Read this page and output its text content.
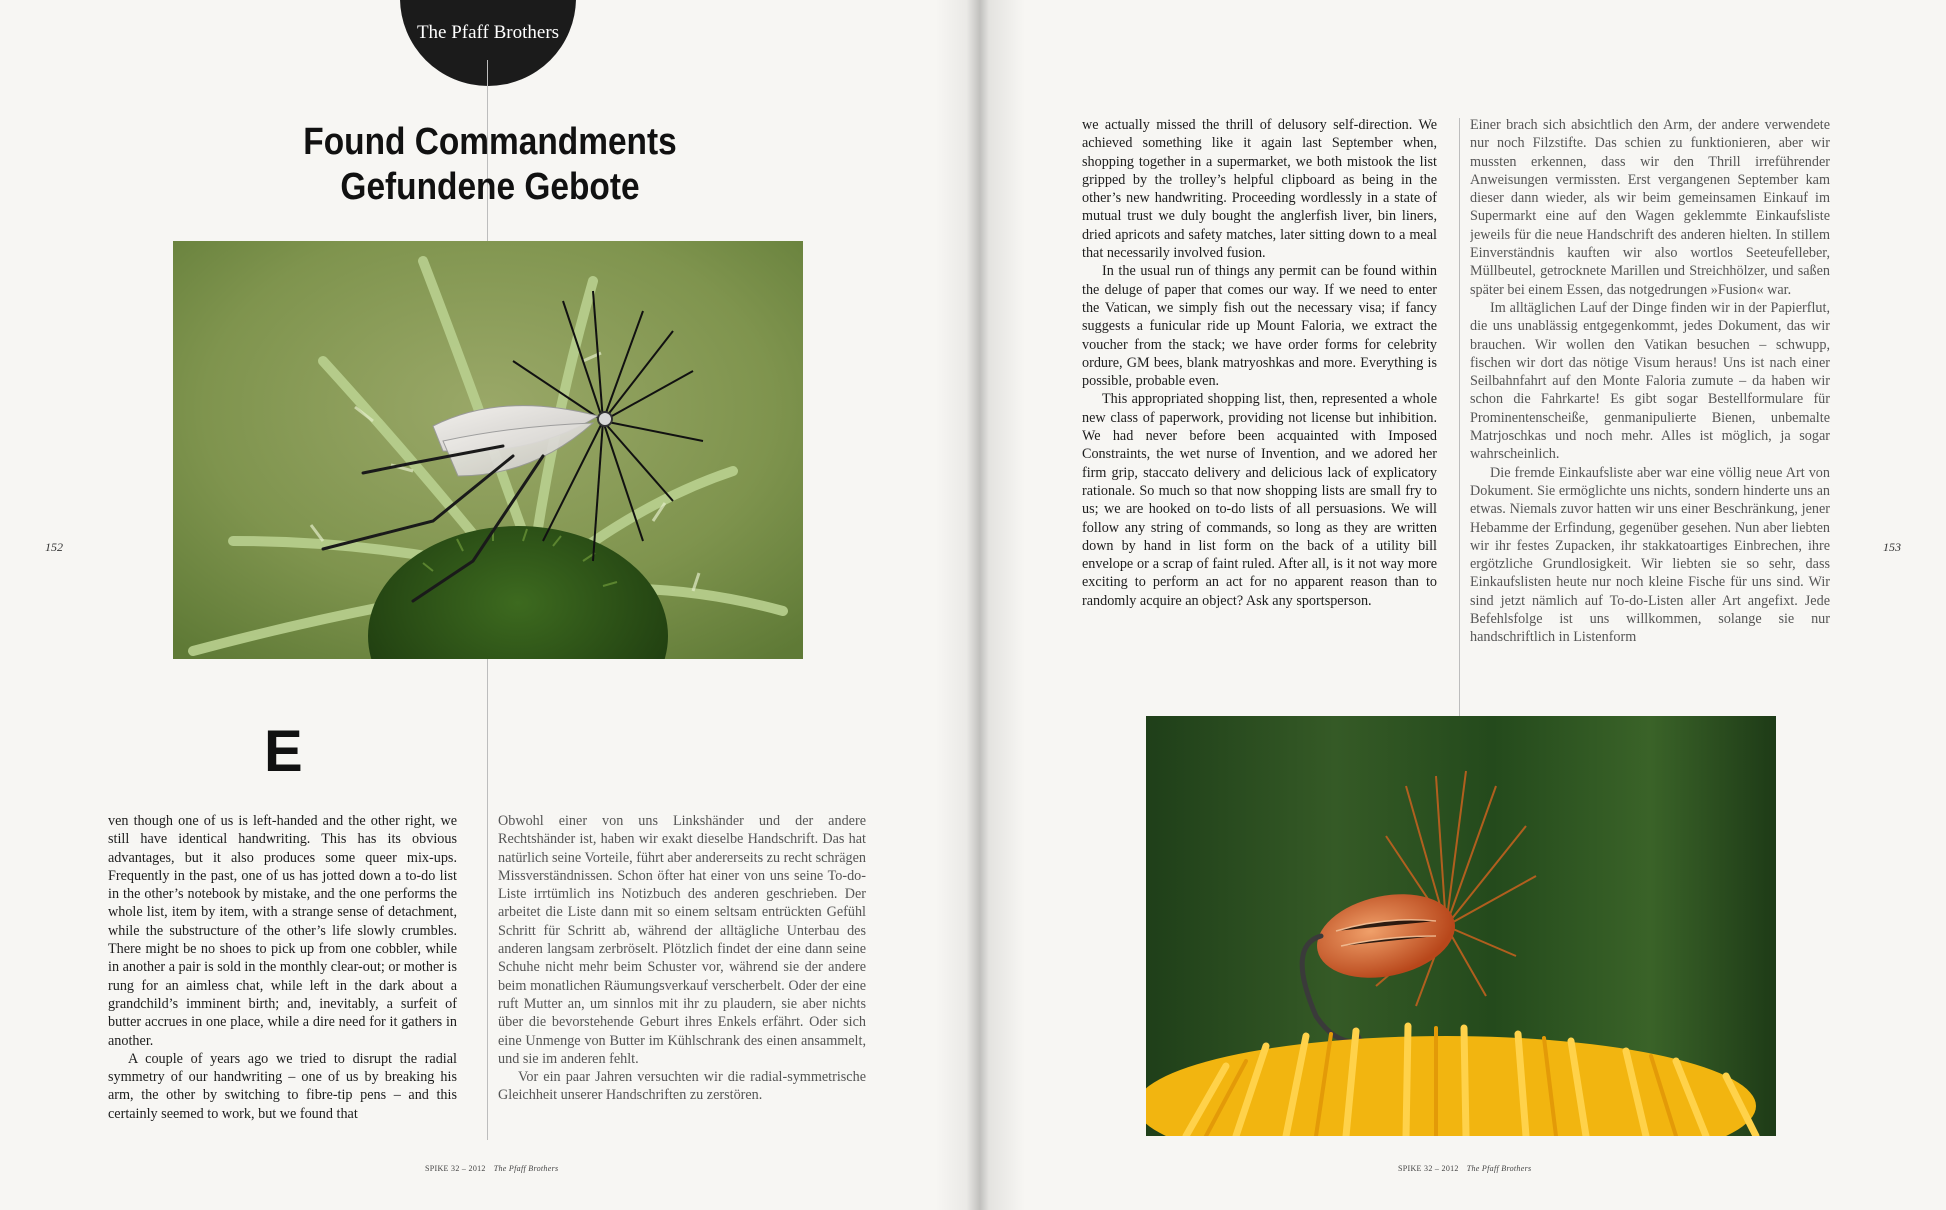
The Pfaff Brothers
Found Commandments
Gefundene Gebote
E

ven though one of us is left-handed and the other right, we still have identical handwriting. This has its obvious advantages, but it also produces some queer mix-ups. Frequently in the past, one of us has jotted down a to-do list in the other’s notebook by mistake, and the one performs the whole list, item by item, with a strange sense of detachment, while the substructure of the other’s life slowly crumbles. There might be no shoes to pick up from one cobbler, while in another a pair is sold in the monthly clear-out; or mother is rung for an aimless chat, while left in the dark about a grandchild’s imminent birth; and, inevitably, a surfeit of butter accrues in one place, while a dire need for it gathers in another.

A couple of years ago we tried to disrupt the radial symmetry of our handwriting – one of us by breaking his arm, the other by switching to fibre-tip pens – and this certainly seemed to work, but we found that

Obwohl einer von uns Linkshänder und der andere Rechtshänder ist, haben wir exakt dieselbe Handschrift. Das hat natürlich seine Vorteile, führt aber andererseits zu recht schrägen Missverständnissen. Schon öfter hat einer von uns seine To-do-Liste irrtümlich ins Notizbuch des anderen geschrieben. Der arbeitet die Liste dann mit so einem seltsam entrückten Gefühl Schritt für Schritt ab, während der alltägliche Unterbau des anderen langsam zerbröselt. Plötzlich findet der eine dann seine Schuhe nicht mehr beim Schuster vor, während sie der andere beim monatlichen Räumungsverkauf verscherbelt. Oder der eine ruft Mutter an, um sinnlos mit ihr zu plaudern, sie aber nichts über die bevorstehende Geburt ihres Enkels erfährt. Oder sich eine Unmenge von Butter im Kühlschrank des einen ansammelt, und sie im anderen fehlt.

Vor ein paar Jahren versuchten wir die radial-symmetrische Gleichheit unserer Handschriften zu zerstören.

152
SPIKE 32 – 2012 The Pfaff Brothers

we actually missed the thrill of delusory self-direction. We achieved something like it again last September when, shopping together in a supermarket, we both mistook the list gripped by the trolley’s helpful clipboard as being in the other’s new handwriting. Proceeding wordlessly in a state of mutual trust we duly bought the anglerfish liver, bin liners, dried apricots and safety matches, later sitting down to a meal that necessarily involved fusion.

In the usual run of things any permit can be found within the deluge of paper that comes our way. If we need to enter the Vatican, we simply fish out the necessary visa; if fancy suggests a funicular ride up Mount Faloria, we extract the voucher from the stack; we have order forms for celebrity ordure, GM bees, blank matryoshkas and more. Everything is possible, probable even.

This appropriated shopping list, then, represented a whole new class of paperwork, providing not license but inhibition. We had never before been acquainted with Imposed Constraints, the wet nurse of Invention, and we adored her firm grip, staccato delivery and delicious lack of explicatory rationale. So much so that now shopping lists are small fry to us; we are hooked on to-do lists of all persuasions. We will follow any string of commands, so long as they are written down by hand in list form on the back of a utility bill envelope or a scrap of faint ruled. After all, is it not way more exciting to perform an act for no apparent reason than to randomly acquire an object? Ask any sportsperson.

Einer brach sich absichtlich den Arm, der andere verwendete nur noch Filzstifte. Das schien zu funktionieren, aber wir mussten erkennen, dass wir den Thrill irreführender Anweisungen vermissten. Erst vergangenen September kam dieser dann wieder, als wir beim gemeinsamen Einkauf im Supermarkt eine auf den Wagen geklemmte Einkaufsliste jeweils für die neue Handschrift des anderen hielten. In stillem Einverständnis kauften wir also wortlos Seeteufelleber, Müllbeutel, getrocknete Marillen und Streichhölzer, und saßen später bei einem Essen, das notgedrungen »Fusion« war.

Im alltäglichen Lauf der Dinge finden wir in der Papierflut, die uns unablässig entgegenkommt, jedes Dokument, das wir brauchen. Wir wollen den Vatikan besuchen – schwupp, fischen wir dort das nötige Visum heraus! Uns ist nach einer Seilbahnfahrt auf den Monte Faloria zumute – da haben wir schon die Fahrkarte! Es gibt sogar Bestellformulare für Prominentenscheiße, genmanipulierte Bienen, unbemalte Matrjoschkas und noch mehr. Alles ist möglich, ja sogar wahrscheinlich.

Die fremde Einkaufsliste aber war eine völlig neue Art von Dokument. Sie ermöglichte uns nichts, sondern hinderte uns an etwas. Niemals zuvor hatten wir uns einer Beschränkung, jener Hebamme der Erfindung, gegenüber gesehen. Nun aber liebten wir ihr festes Zupacken, ihr stakkatoartiges Einbrechen, ihre ergötzliche Grundlosigkeit. Wir liebten sie so sehr, dass Einkaufslisten heute nur noch kleine Fische für uns sind. Wir sind jetzt nämlich auf To-do-Listen aller Art angefixt. Jede Befehlsfolge ist uns willkommen, solange sie nur handschriftlich in Listenform

153
SPIKE 32 – 2012 The Pfaff Brothers
